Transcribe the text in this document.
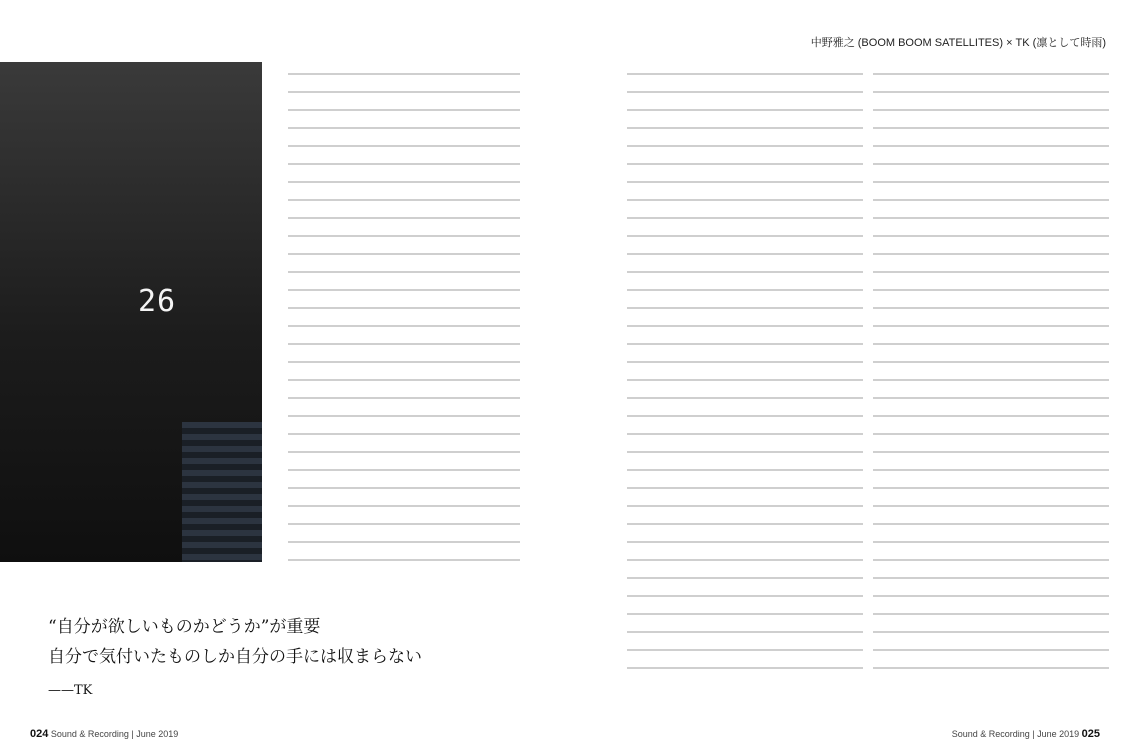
26
“自分が欲しいものかどうか”が重要
自分で気付いたものしか自分の手には収まらない
——TK
024 Sound & Recording | June 2019
中野雅之 (BOOM BOOM SATELLITES) × TK (凛として時雨)
Sound & Recording | June 2019 025
